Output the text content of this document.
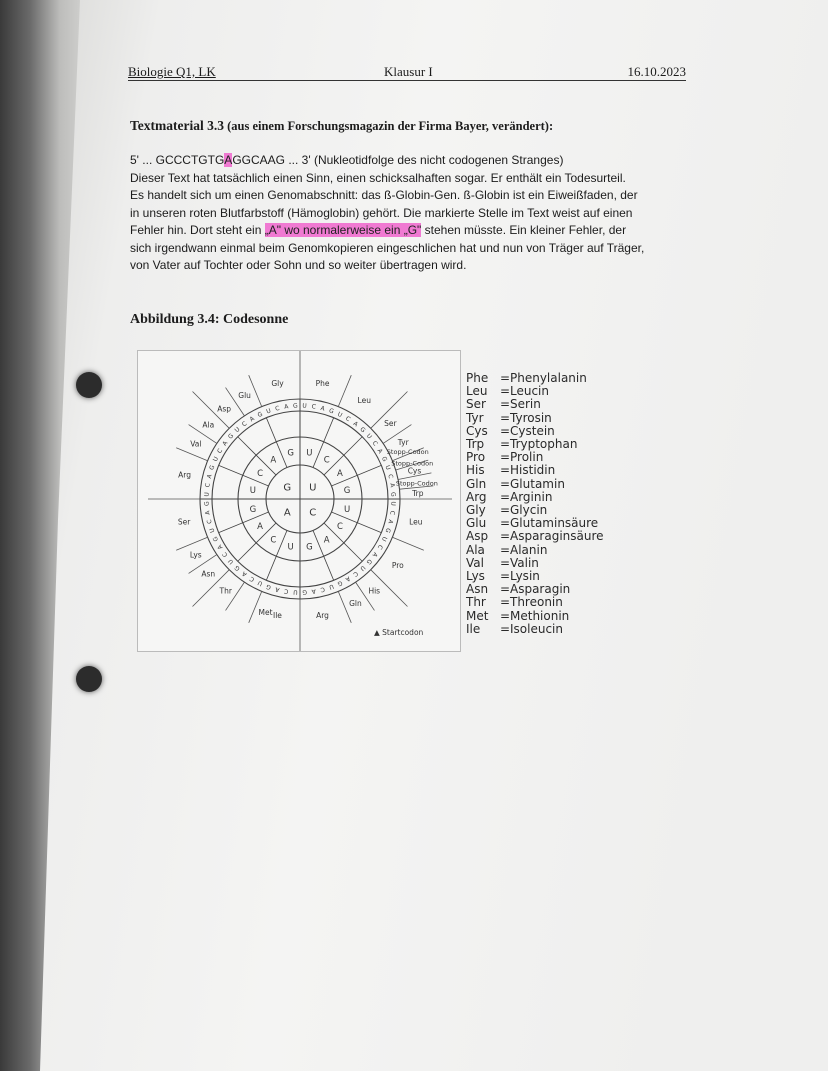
Biologie Q1, LK	Klausur I	16.10.2023
Textmaterial 3.3 (aus einem Forschungsmagazin der Firma Bayer, verändert):

5' ... GCCCTGTGAGGCAAG ... 3' (Nukleotidfolge des nicht codogenen Stranges)

Dieser Text hat tatsächlich einen Sinn, einen schicksalhaften sogar. Er enthält ein Todesurteil.

Es handelt sich um einen Genomabschnitt: das ß-Globin-Gen. ß-Globin ist ein Eiweißfaden, der

in unseren roten Blutfarbstoff (Hämoglobin) gehört. Die markierte Stelle im Text weist auf einen

Fehler hin. Dort steht ein „A" wo normalerweise ein „G" stehen müsste. Ein kleiner Fehler, der

sich irgendwann einmal beim Genomkopieren eingeschlichen hat und nun von Träger auf Träger,

von Vater auf Tochter oder Sohn und so weiter übertragen wird.

Abbildung 3.4: Codesonne
U
C
A
G
U
C
A
G
U
C
A
G
U
C
A
G
U
C
A
G
U C A G U
C
A
G
U
C
A
G
U
C
A
G
U
C
A
G
U
C
A
G
U
C
A
G
U
C
A
G
U
C
A
G
U
C
A
G
U
C
A
G
U
C
A
G
U
C
A
G
U
C
A
G
U
C
A
G U C A G
Phe
Leu
Ser
Tyr
Stopp-Codon
Stopp-Codon
Cys
Stopp-Codon
Trp
Leu
Pro
His
Gln
Arg
Ile
Met
Thr
Asn
Lys
Ser
Arg
Val
Ala
Asp
Glu
Gly
▲ Startcodon
Phe = Phenylalanin
Leu	= Leucin
Ser	= Serin
Tyr	= Tyrosin
Cys	= Cystein
Trp	= Tryptophan
Pro	= Prolin
His	= Histidin
Gln	= Glutamin
Arg	= Arginin
Gly	= Glycin
Glu	= Glutaminsäure
Asp = Asparaginsäure
Ala	= Alanin
Val	= Valin
Lys	= Lysin
Asn = Asparagin
Thr	= Threonin
Met = Methionin
Ile	= Isoleucin
